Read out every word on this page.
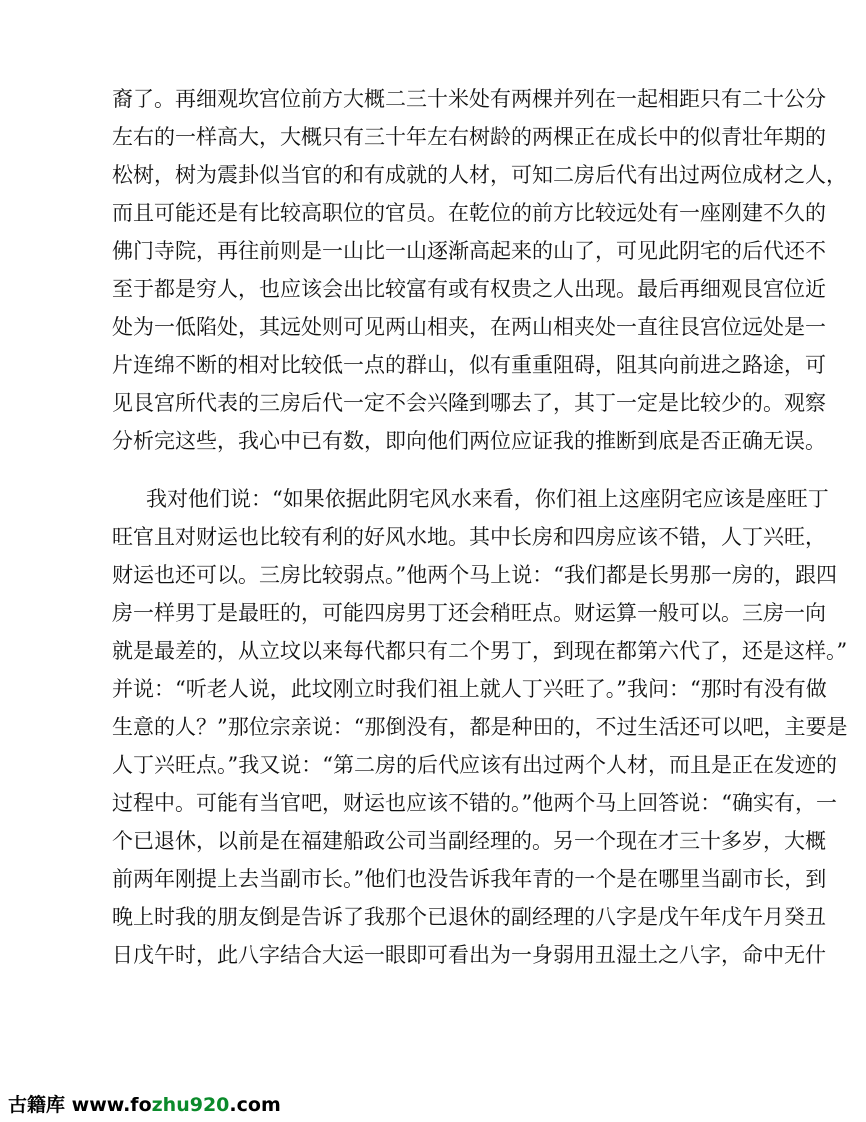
裔了。再细观坎宫位前方大概二三十米处有两棵并列在一起相距只有二十公分
左右的一样高大，大概只有三十年左右树龄的两棵正在成长中的似青壮年期的
松树，树为震卦似当官的和有成就的人材，可知二房后代有出过两位成材之人，
而且可能还是有比较高职位的官员。在乾位的前方比较远处有一座刚建不久的
佛门寺院，再往前则是一山比一山逐渐高起来的山了，可见此阴宅的后代还不
至于都是穷人，也应该会出比较富有或有权贵之人出现。最后再细观艮宫位近
处为一低陷处，其远处则可见两山相夹，在两山相夹处一直往艮宫位远处是一
片连绵不断的相对比较低一点的群山，似有重重阻碍，阻其向前进之路途，可
见艮宫所代表的三房后代一定不会兴隆到哪去了，其丁一定是比较少的。观察
分析完这些，我心中已有数，即向他们两位应证我的推断到底是否正确无误。
我对他们说：“如果依据此阴宅风水来看，你们祖上这座阴宅应该是座旺丁
旺官且对财运也比较有利的好风水地。其中长房和四房应该不错，人丁兴旺，
财运也还可以。三房比较弱点。”他两个马上说：“我们都是长男那一房的，跟四
房一样男丁是最旺的，可能四房男丁还会稍旺点。财运算一般可以。三房一向
就是最差的，从立坟以来每代都只有二个男丁，到现在都第六代了，还是这样。”
并说：“听老人说，此坟刚立时我们祖上就人丁兴旺了。”我问：“那时有没有做
生意的人？”那位宗亲说：“那倒没有，都是种田的，不过生活还可以吧，主要是
人丁兴旺点。”我又说：“第二房的后代应该有出过两个人材，而且是正在发迹的
过程中。可能有当官吧，财运也应该不错的。”他两个马上回答说：“确实有，一
个已退休，以前是在福建船政公司当副经理的。另一个现在才三十多岁，大概
前两年刚提上去当副市长。”他们也没告诉我年青的一个是在哪里当副市长，到
晚上时我的朋友倒是告诉了我那个已退休的副经理的八字是戊午年戊午月癸丑
日戊午时，此八字结合大运一眼即可看出为一身弱用丑湿土之八字，命中无什
古籍库 www.fozhu920.com
